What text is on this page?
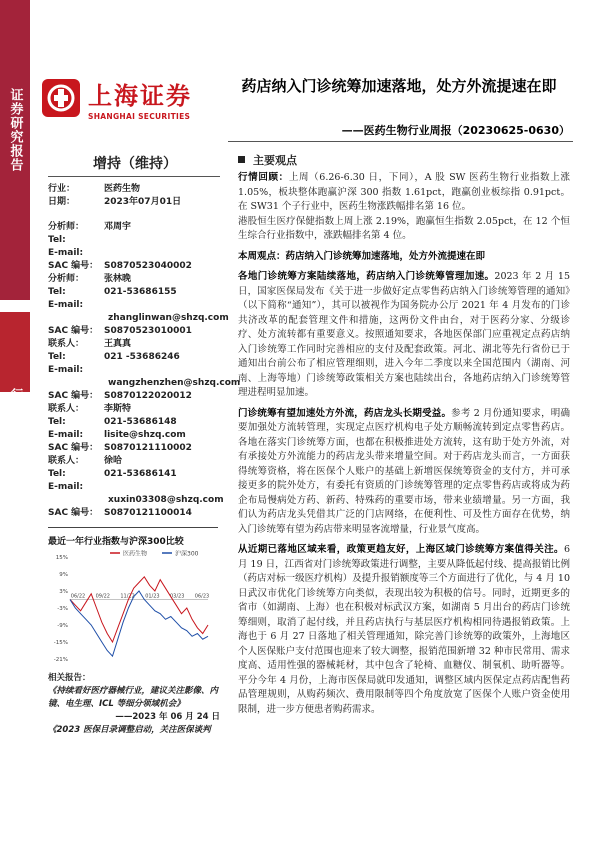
证券研究报告
行业周报
上海证券
SHANGHAI SECURITIES
药店纳入门诊统筹加速落地，处方外流提速在即
——医药生物行业周报（20230625-0630）
增持（维持）
行业：	医药生物
日期：	2023年07月01日
分析师： 邓周宇
Tel:
E-mail:
SAC 编号： S0870523040002
分析师： 张林晚
Tel:	021-53686155
E-mail:
zhanglinwan@shzq.com
SAC 编号： S0870523010001
联系人： 王真真
Tel:	021 -53686246
E-mail:
wangzhenzhen@shzq.com
SAC 编号： S0870122020012
联系人： 李斯特
Tel:	021-53686148
E-mail: lisite@shzq.com
SAC 编号： S0870121110002
联系人： 徐哈
Tel:	021-53686141
E-mail:
xuxin03308@shzq.com
SAC 编号： S0870121100014
最近一年行业指数与沪深300比较
医药生物	沪深300
15%
9%
3%
-3%
-9%
-15%
-21%
06/22 09/22 11/22 01/23 03/23 06/23
相关报告：
《持续看好医疗器械行业，建议关注影像、内镜、电生理、ICL 等细分领域机会》
——2023 年 06 月 24 日
《2023 医保目录调整启动，关注医保谈判
主要观点

行情回顾：上周（6.26-6.30 日，下同），A 股 SW 医药生物行业指数上涨 1.05%，板块整体跑赢沪深 300 指数 1.61pct，跑赢创业板综指 0.91pct。在 SW31 个子行业中，医药生物涨跌幅排名第 16 位。

港股恒生医疗保健指数上周上涨 2.19%，跑赢恒生指数 2.05pct，在 12 个恒生综合行业指数中，涨跌幅排名第 4 位。

本周观点：药店纳入门诊统筹加速落地，处方外流提速在即

各地门诊统筹方案陆续落地，药店纳入门诊统筹管理加速。2023 年 2 月 15 日，国家医保局发布《关于进一步做好定点零售药店纳入门诊统筹管理的通知》（以下简称“通知”），其可以被视作为国务院办公厅 2021 年 4 月发布的门诊共济改革的配套管理文件和措施，这两份文件由台，对于医药分家、分级诊疗、处方流转都有重要意义。按照通知要求，各地医保部门应重视定点药店纳入门诊统筹工作同时完善相应的支付及配套政策。河北、湖北等先行省份已于通知出台前公布了相应管理细则，进入今年二季度以来全国范围内（湖南、河南、上海等地）门诊统筹政策相关方案也陆续出台，各地药店纳入门诊统筹管理进程明显加速。

门诊统筹有望加速处方外流，药店龙头长期受益。参考 2 月份通知要求，明确要加强处方流转管理，实现定点医疗机构电子处方顺畅流转到定点零售药店。各地在落实门诊统筹方面，也都在积极推进处方流转，这有助于处方外流，对有承接处方外流能力的药店龙头带来增量空间。对于药店龙头而言，一方面获得统筹资格，将在医保个人账户的基础上新增医保统筹资金的支付方，并可承接更多的院外处方，有委托有资质的门诊统筹管理的定点零售药店或将成为药企布局慢病处方药、新药、特殊药的重要市场，带来业绩增量。另一方面，我们认为药店龙头凭借其广泛的门店网络，在便利性、可及性方面存在优势，纳入门诊统筹有望为药店带来明显客流增量，行业景气度高。

从近期已落地区域来看，政策更趋友好，上海区域门诊统筹方案值得关注。6 月 19 日，江西省对门诊统筹政策进行调整，主要从降低起付线、提高报销比例（药店对标一级医疗机构）及提升报销额度等三个方面进行了优化，与 4 月 10 日武汉市优化门诊统筹方向类似，表现出较为积极的信号。同时，近期更多的省市（如湖南、上海）也在积极对标武汉方案，如湖南 5 月出台的药店门诊统筹细则，取消了起付线，并且药店执行与基层医疗机构相同待遇报销政策。上海也于 6 月 27 日落地了相关管理通知，除完善门诊统筹的政策外，上海地区个人医保账户支付范围也迎来了较大调整，报销范围新增 32 种市民常用、需求度高、适用性强的器械耗材，其中包含了轮椅、血糖仪、制氧机、助听器等。平分今年 4 月份，上海市医保局就印发通知，调整区域内医保定点药店配售药品管理规则，从购药频次、费用限制等四个角度放宽了医保个人账户资金使用限制，进一步方便患者购药需求。
